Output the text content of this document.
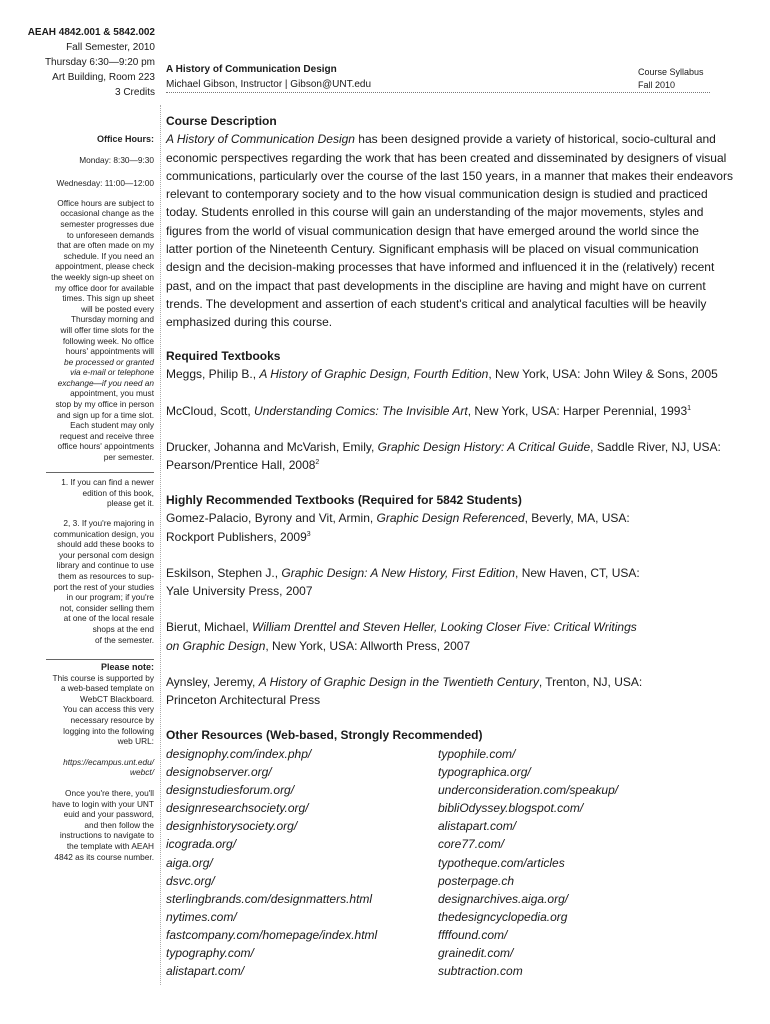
AEAH 4842.001 & 5842.002
Fall Semester, 2010
Thursday 6:30—9:20 pm
Art Building, Room 223
3 Credits
A History of Communication Design
Michael Gibson, Instructor | Gibson@UNT.edu
Course Syllabus
Fall 2010
Office Hours:
Monday: 8:30—9:30
Wednesday: 11:00—12:00
Office hours are subject to
occasional change as the
semester progresses due
to unforeseen demands
that are often made on my
schedule. If you need an
appointment, please check
the weekly sign-up sheet on
my office door for available
times. This sign up sheet
will be posted every
Thursday morning and
will offer time slots for the
following week. No office
hours' appointments will
be processed or granted
via e-mail or telephone
exchange—if you need an
appointment, you must
stop by my office in person
and sign up for a time slot.
Each student may only
request and receive three
office hours' appointments
per semester.
1. If you can find a newer
edition of this book,
please get it.
2, 3. If you're majoring in
communication design, you
should add these books to
your personal com design
library and continue to use
them as resources to sup-
port the rest of your studies
in our program; if you're
not, consider selling them
at one of the local resale
shops at the end
of the semester.
Please note:
This course is supported by
a web-based template on
WebCT Blackboard.
You can access this very
necessary resource by
logging into the following
web URL:
https://ecampus.unt.edu/
webct/
Once you're there, you'll
have to login with your UNT
euid and your password,
and then follow the
instructions to navigate to
the template with AEAH
4842 as its course number.
Course Description
A History of Communication Design has been designed provide a variety of historical, socio-cultural and
economic perspectives regarding the work that has been created and disseminated by designers of visual
communications, particularly over the course of the last 150 years, in a manner that makes their endeavors
relevant to contemporary society and to the how visual communication design is studied and practiced
today. Students enrolled in this course will gain an understanding of the major movements, styles and
figures from the world of visual communication design that have emerged around the world since the
latter portion of the Nineteenth Century. Significant emphasis will be placed on visual communication
design and the decision-making processes that have informed and influenced it in the (relatively) recent
past, and on the impact that past developments in the discipline are having and might have on current
trends. The development and assertion of each student's critical and analytical faculties will be heavily
emphasized during this course.
Required Textbooks
Meggs, Philip B., A History of Graphic Design, Fourth Edition, New York, USA: John Wiley & Sons, 2005
McCloud, Scott, Understanding Comics: The Invisible Art, New York, USA: Harper Perennial, 1993$^1$
Drucker, Johanna and McVarish, Emily, Graphic Design History: A Critical Guide, Saddle River, NJ, USA:
Pearson/Prentice Hall, 2008$^2$
Highly Recommended Textbooks (Required for 5842 Students)
Gomez-Palacio, Byrony and Vit, Armin, Graphic Design Referenced, Beverly, MA, USA:
Rockport Publishers, 2009$^3$
Eskilson, Stephen J., Graphic Design: A New History, First Edition, New Haven, CT, USA:
Yale University Press, 2007
Bierut, Michael, William Drenttel and Steven Heller, Looking Closer Five: Critical Writings
on Graphic Design, New York, USA: Allworth Press, 2007
Aynsley, Jeremy, A History of Graphic Design in the Twentieth Century, Trenton, NJ, USA:
Princeton Architectural Press
Other Resources (Web-based, Strongly Recommended)
designophy.com/index.php/
designobserver.org/
designstudiesforum.org/
designresearchsociety.org/
designhistorysociety.org/
icograda.org/
aiga.org/
dsvc.org/
sterlingbrands.com/designmatters.html
nytimes.com/
fastcompany.com/homepage/index.html
typography.com/
alistapart.com/
typophile.com/
typographica.org/
underconsideration.com/speakup/
bibliOdyssey.blogspot.com/
alistapart.com/
core77.com/
typotheque.com/articles
posterpage.ch
designarchives.aiga.org/
thedesigncyclopedia.org
ffffound.com/
grainedit.com/
subtraction.com
